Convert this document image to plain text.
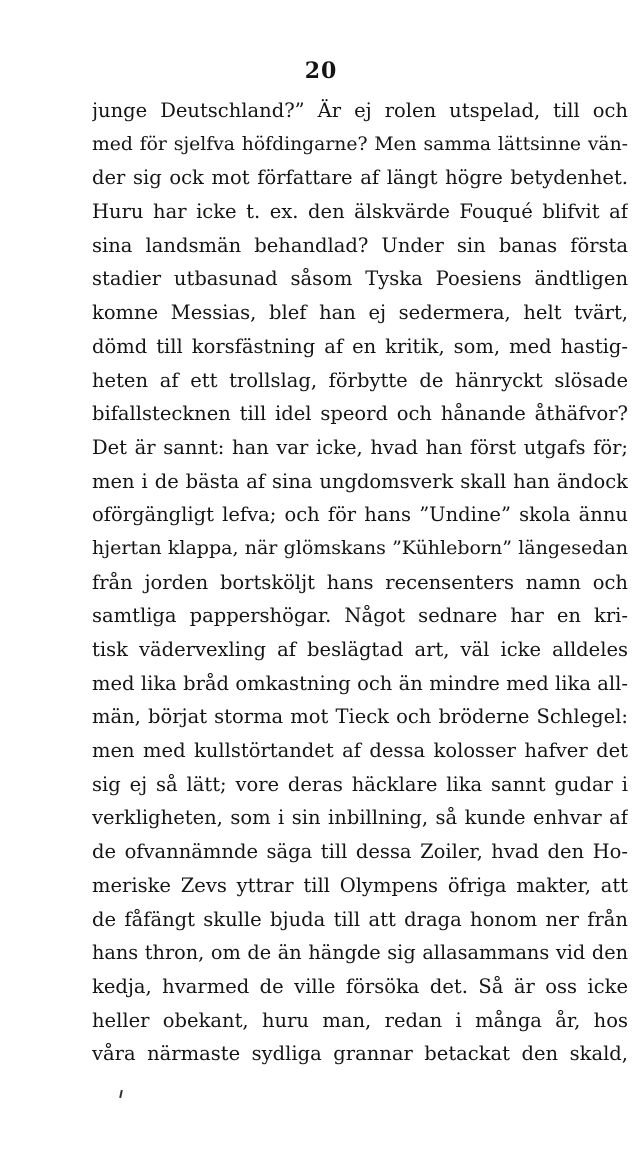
20
junge Deutschland?” Är ej rolen utspelad, till och
med för sjelfva höfdingarne? Men samma lättsinne vän-
der sig ock mot författare af längt högre betydenhet.
Huru har icke t. ex. den älskvärde Fouqué blifvit af
sina landsmän behandlad? Under sin banas första
stadier utbasunad såsom Tyska Poesiens ändtligen
komne Messias, blef han ej sedermera, helt tvärt,
dömd till korsfästning af en kritik, som, med hastig-
heten af ett trollslag, förbytte de hänryckt slösade
bifallstecknen till idel speord och hånande åthäfvor?
Det är sannt: han var icke, hvad han först utgafs för;
men i de bästa af sina ungdomsverk skall han ändock
oförgängligt lefva; och för hans ”Undine” skola ännu
hjertan klappa, när glömskans ”Kühleborn” längesedan
från jorden bortsköljt hans recensenters namn och
samtliga pappershögar. Något sednare har en kri-
tisk vädervexling af beslägtad art, väl icke alldeles
med lika bråd omkastning och än mindre med lika all-
män, börjat storma mot Tieck och bröderne Schlegel:
men med kullstörtandet af dessa kolosser hafver det
sig ej så lätt; vore deras häcklare lika sannt gudar i
verkligheten, som i sin inbillning, så kunde enhvar af
de ofvannämnde säga till dessa Zoiler, hvad den Ho-
meriske Zevs yttrar till Olympens öfriga makter, att
de fåfängt skulle bjuda till att draga honom ner från
hans thron, om de än hängde sig allasammans vid den
kedja, hvarmed de ville försöka det. Så är oss icke
heller obekant, huru man, redan i många år, hos
våra närmaste sydliga grannar betackat den skald,
